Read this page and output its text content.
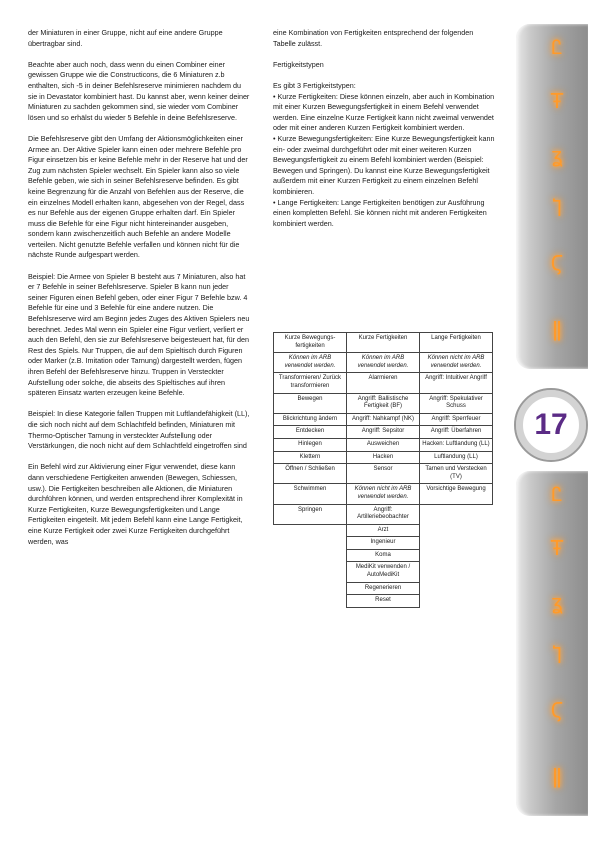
der Miniaturen in einer Gruppe, nicht auf eine andere Gruppe übertragbar sind.

Beachte aber auch noch, dass wenn du einen Combiner einer gewissen Gruppe wie die Constructicons, die 6 Miniaturen z.b enthalten, sich -5 in deiner Befehlsreserve minimieren nachdem du sie in Devastator kombiniert hast. Du kannst aber, wenn keiner deiner Miniaturen zu sachden gekommen sind, sie wieder vom Combiner lösen und so erhälst du wieder 5 Befehle in deine Befehlsreserve.

Die Befehlsreserve gibt den Umfang der Aktionsmöglichkeiten einer Armee an. Der Aktive Spieler kann einen oder mehrere Befehle pro Figur einsetzen bis er keine Befehle mehr in der Reserve hat und der Zug zum nächsten Spieler wechselt. Ein Spieler kann also so viele Befehle geben, wie sich in seiner Befehlsreserve befinden. Es gibt keine Begrenzung für die Anzahl von Befehlen aus der Reserve, die ein einzelnes Modell erhalten kann, abgesehen von der Regel, dass es nur Befehle aus der eigenen Gruppe erhalten darf. Ein Spieler muss die Befehle für eine Figur nicht hintereinander ausgeben, sondern kann zwischenzeitlich auch Befehle an andere Modelle verteilen. Nicht genutzte Befehle verfallen und können nicht für die nächste Runde aufgespart werden.

Beispiel: Die Armee von Spieler B besteht aus 7 Miniaturen, also hat er 7 Befehle in seiner Befehlsreserve. Spieler B kann nun jeder seiner Figuren einen Befehl geben, oder einer Figur 7 Befehle bzw. 4 Befehle für eine und 3 Befehle für eine andere nutzen. Die Befehlsreserve wird am Beginn jedes Zuges des Aktiven Spielers neu berechnet. Jedes Mal wenn ein Spieler eine Figur verliert, verliert er auch den Befehl, den sie zur Befehlsreserve beigesteuert hat, für den Rest des Spiels. Nur Truppen, die auf dem Spieltisch durch Figuren oder Marker (z.B. Imitation oder Tarnung) dargestellt werden, fügen ihren Befehl der Befehlsreserve hinzu. Truppen in Versteckter Aufstellung oder solche, die abseits des Spieltisches auf ihren späteren Einsatz warten erzeugen keine Befehle.

Beispiel: In diese Kategorie fallen Truppen mit Luftlandefähigkeit (LL), die sich noch nicht auf dem Schlachtfeld befinden, Miniaturen mit Thermo-Optischer Tarnung in versteckter Aufstellung oder Verstärkungen, die noch nicht auf dem Schlachtfeld eingetroffen sind

Ein Befehl wird zur Aktivierung einer Figur verwendet, diese kann dann verschiedene Fertigkeiten anwenden (Bewegen, Schiessen, usw.). Die Fertigkeiten beschreiben alle Aktionen, die Miniaturen durchführen können, und werden entsprechend ihrer Komplexität in Kurze Fertigkeiten, Kurze Bewegungsfertigkeiten und Lange Fertigkeiten eingeteilt. Mit jedem Befehl kann eine Lange Fertigkeit, eine Kurze Fertigkeit oder zwei Kurze Fertigkeiten durchgeführt werden, was

eine Kombination von Fertigkeiten entsprechend der folgenden Tabelle zulässt.

Fertigkeitstypen

Es gibt 3 Fertigkeitstypen:
• Kurze Fertigkeiten: Diese können einzeln, aber auch in Kombination mit einer Kurzen Bewegungsfertigkeit in einem Befehl verwendet werden. Eine einzelne Kurze Fertigkeit kann nicht zweimal verwendet oder mit einer anderen Kurzen Fertigkeit kombiniert werden.
• Kurze Bewegungsfertigkeiten: Eine Kurze Bewegungsfertigkeit kann ein- oder zweimal durchgeführt oder mit einer weiteren Kurzen Bewegungsfertigkeit zu einem Befehl kombiniert werden (Beispiel: Bewegen und Springen). Du kannst eine Kurze Bewegungsfertigkeit außerdem mit einer Kurzen Fertigkeit zu einem einzelnen Befehl kombinieren.
• Lange Fertigkeiten: Lange Fertigkeiten benötigen zur Ausführung einen kompletten Befehl. Sie können nicht mit anderen Fertigkeiten kombiniert werden.
Kurze Bewegungs-fertigkeiten	Kurze Fertigkeiten	Lange Fertigkeiten
Können im ARB verwendet werden.	Können im ARB verwendet werden.	Können nicht im ARB verwendet werden.
Transformieren/ Zurück transformieren	Alarmieren	Angriff: Intuitiver Angriff
Bewegen	Angriff: Ballistische Fertigkeit (BF)	Angriff: Spekulativer Schuss
Blickrichtung ändern	Angriff: Nahkampf (NK)	Angriff: Sperrfeuer
Entdecken	Angriff: Sepsitor	Angriff: Überfahren
Hinlegen	Ausweichen	Hacken: Luftlandung (LL)
Klettern	Hacken	Luftlandung (LL)
Öffnen / Schließen	Sensor	Tarnen und Verstecken (TV)
Schwimmen	Können nicht im ARB verwendet werden.	Vorsichtige Bewegung
Springen	Angriff: Artilleriebeobachter	
	Arzt	
	Ingenieur	
	Koma	
	MediKit verwenden / AutoMediKit	
	Regenerieren	
	Reset	
Ꮭ
Ŧ
ʓ
Ⴈ
Ϛ
ǁ
17
Ꮭ
Ŧ
ʓ
Ⴈ
Ϛ
ǁ
